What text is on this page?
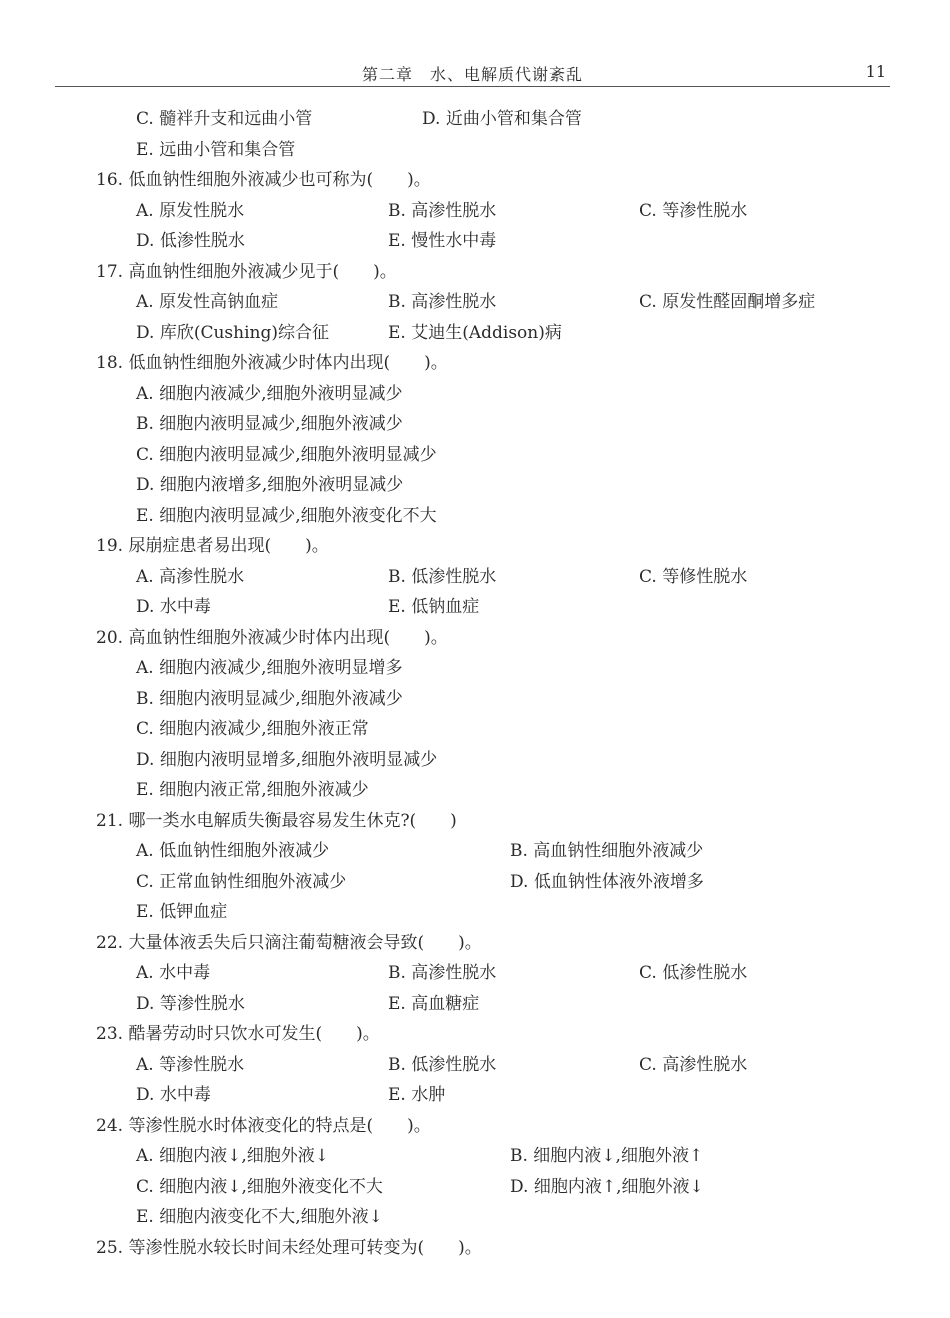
第二章　水、电解质代谢紊乱	11
C. 髓袢升支和远曲小管	D. 近曲小管和集合管
E. 远曲小管和集合管
16. 低血钠性细胞外液减少也可称为(　　)。
A. 原发性脱水	B. 高渗性脱水	C. 等渗性脱水
D. 低渗性脱水	E. 慢性水中毒
17. 高血钠性细胞外液减少见于(　　)。
A. 原发性高钠血症	B. 高渗性脱水	C. 原发性醛固酮增多症
D. 库欣(Cushing)综合征	E. 艾迪生(Addison)病
18. 低血钠性细胞外液减少时体内出现(　　)。
A. 细胞内液减少,细胞外液明显减少
B. 细胞内液明显减少,细胞外液减少
C. 细胞内液明显减少,细胞外液明显减少
D. 细胞内液增多,细胞外液明显减少
E. 细胞内液明显减少,细胞外液变化不大
19. 尿崩症患者易出现(　　)。
A. 高渗性脱水	B. 低渗性脱水	C. 等修性脱水
D. 水中毒	E. 低钠血症
20. 高血钠性细胞外液减少时体内出现(　　)。
A. 细胞内液减少,细胞外液明显增多
B. 细胞内液明显减少,细胞外液减少
C. 细胞内液减少,细胞外液正常
D. 细胞内液明显增多,细胞外液明显减少
E. 细胞内液正常,细胞外液减少
21. 哪一类水电解质失衡最容易发生休克?(　　)
A. 低血钠性细胞外液减少	B. 高血钠性细胞外液减少
C. 正常血钠性细胞外液减少	D. 低血钠性体液外液增多
E. 低钾血症
22. 大量体液丢失后只滴注葡萄糖液会导致(　　)。
A. 水中毒	B. 高渗性脱水	C. 低渗性脱水
D. 等渗性脱水	E. 高血糖症
23. 酷暑劳动时只饮水可发生(　　)。
A. 等渗性脱水	B. 低渗性脱水	C. 高渗性脱水
D. 水中毒	E. 水肿
24. 等渗性脱水时体液变化的特点是(　　)。
A. 细胞内液↓,细胞外液↓	B. 细胞内液↓,细胞外液↑
C. 细胞内液↓,细胞外液变化不大	D. 细胞内液↑,细胞外液↓
E. 细胞内液变化不大,细胞外液↓
25. 等渗性脱水较长时间未经处理可转变为(　　)。
